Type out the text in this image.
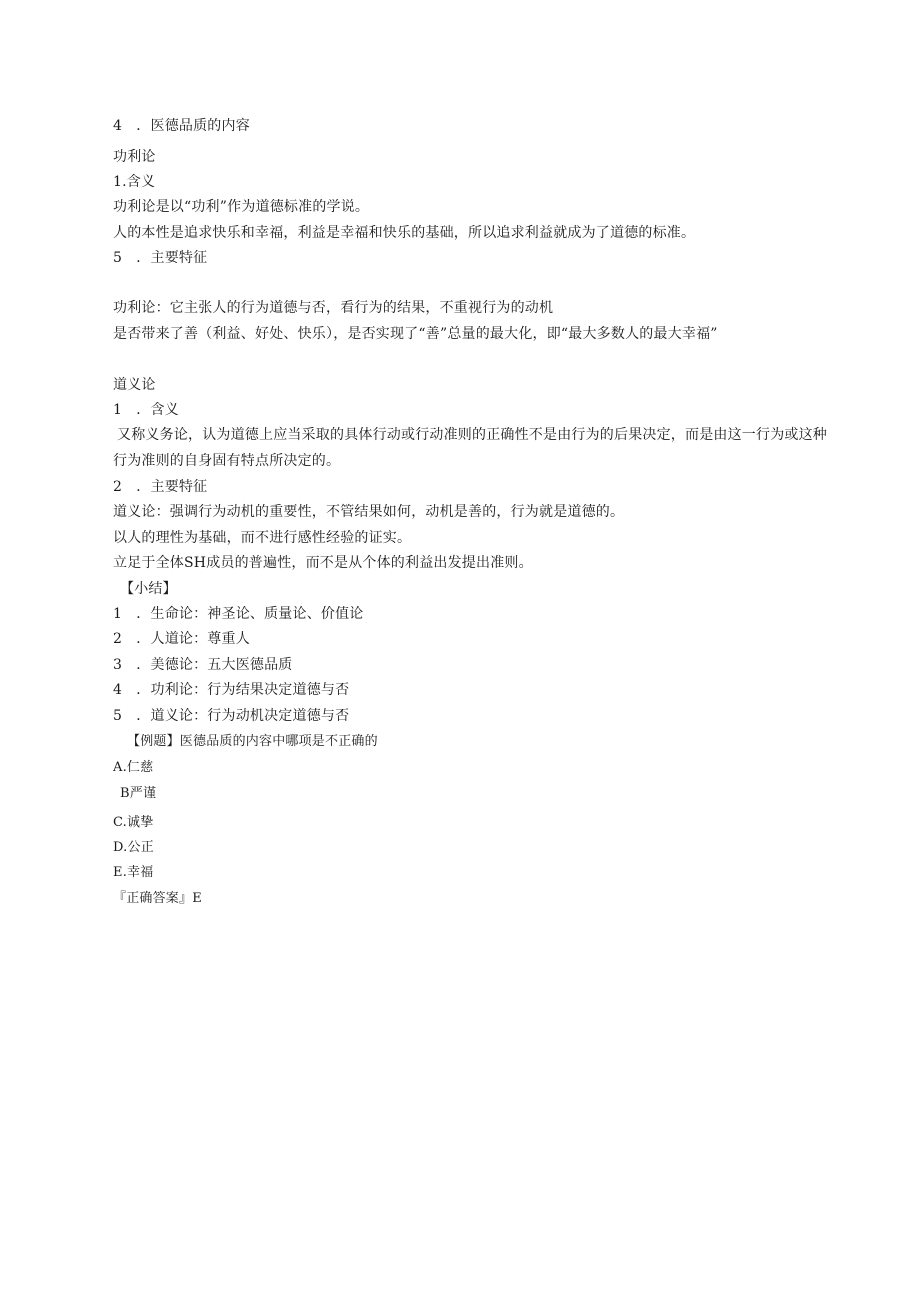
4　．医德品质的内容
功利论
1.含义
功利论是以“功利”作为道德标准的学说。
人的本性是追求快乐和幸福，利益是幸福和快乐的基础，所以追求利益就成为了道德的标准。
5　．主要特征
功利论：它主张人的行为道德与否，看行为的结果，不重视行为的动机
是否带来了善（利益、好处、快乐），是否实现了“善”总量的最大化，即“最大多数人的最大幸福”
道义论
1　．含义
又称义务论，认为道德上应当采取的具体行动或行动准则的正确性不是由行为的后果决定，而是由这一行为或这种行为准则的自身固有特点所决定的。
2　．主要特征
道义论：强调行为动机的重要性，不管结果如何，动机是善的，行为就是道德的。
以人的理性为基础，而不进行感性经验的证实。
立足于全体SH成员的普遍性，而不是从个体的利益出发提出准则。
【小结】
1　．生命论：神圣论、质量论、价值论
2　．人道论：尊重人
3　．美德论：五大医德品质
4　．功利论：行为结果决定道德与否
5　．道义论：行为动机决定道德与否
【例题】医德品质的内容中哪项是不正确的
A.仁慈
B严谨
C.诚挚
D.公正
E.幸福
『正确答案』E
